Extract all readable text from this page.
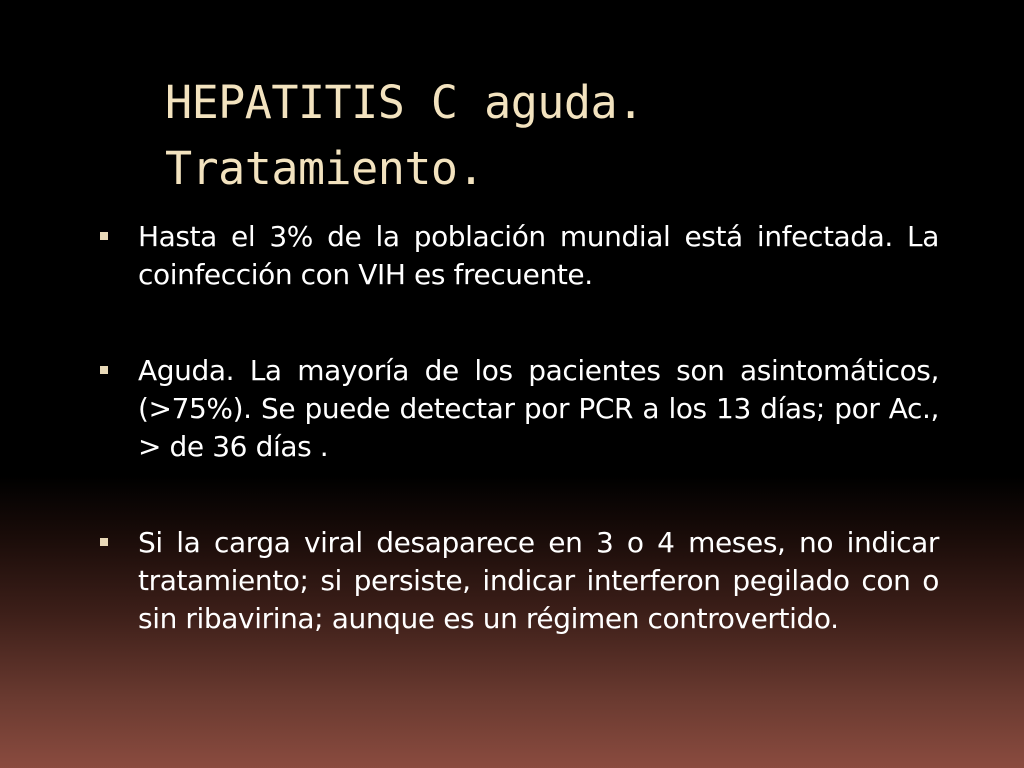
HEPATITIS C aguda.
Tratamiento.
Hasta el 3% de la población mundial está infectada. La coinfección con VIH es frecuente.
Aguda. La mayoría de los pacientes son asintomáticos, (>75%). Se puede detectar por PCR a los 13 días; por Ac., > de 36 días .
Si la carga viral desaparece en 3 o 4 meses, no indicar tratamiento; si persiste, indicar interferon pegilado con o sin ribavirina; aunque es un régimen controvertido.
